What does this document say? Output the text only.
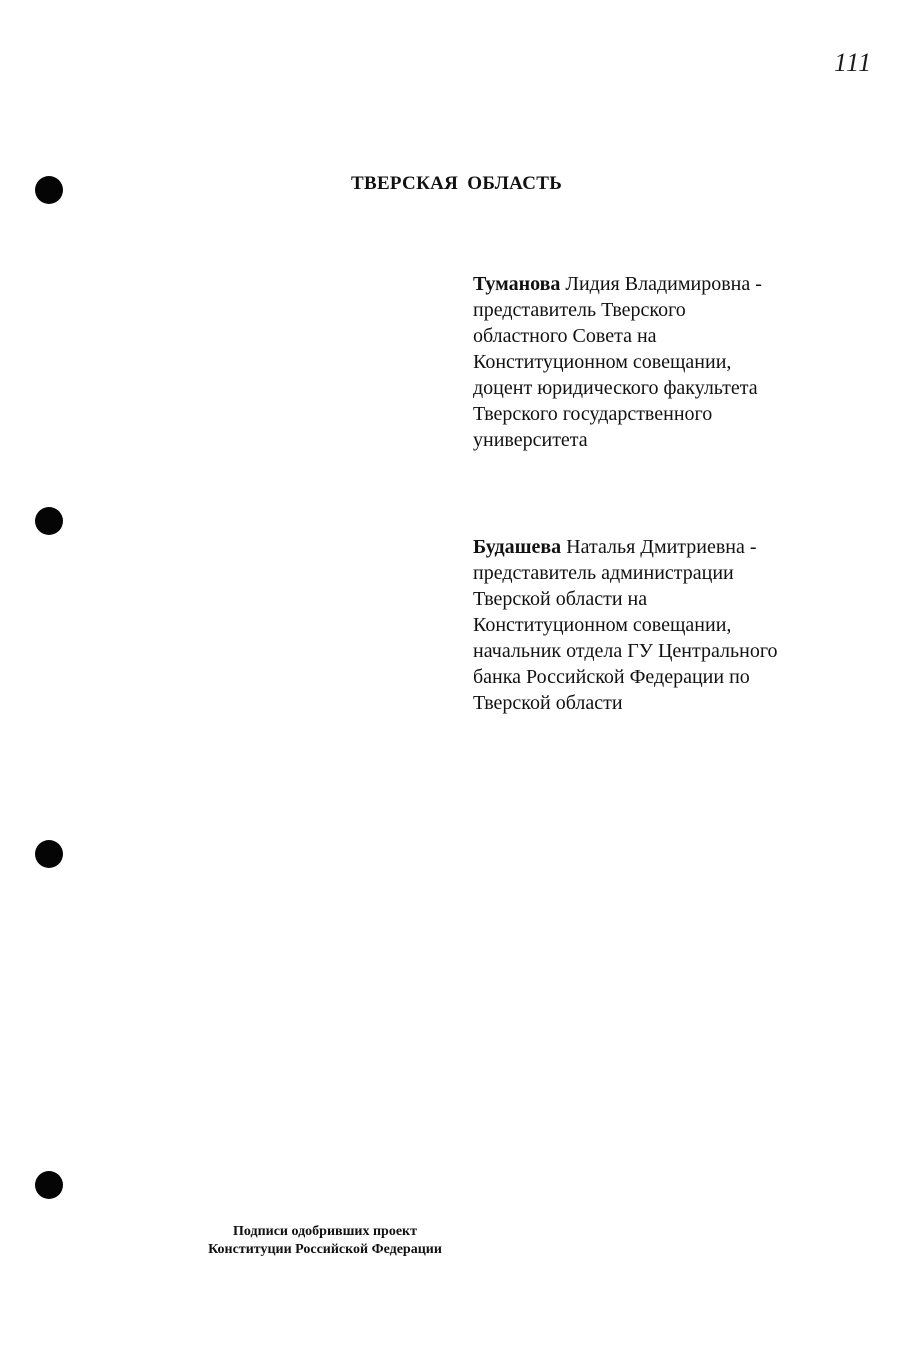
111
ТВЕРСКАЯ ОБЛАСТЬ
Туманова Лидия Владимировна -
представитель Тверского
областного Совета на
Конституционном совещании,
доцент юридического факультета
Тверского государственного
университета
Будашева Наталья Дмитриевна -
представитель администрации
Тверской области на
Конституционном совещании,
начальник отдела ГУ Центрального
банка Российской Федерации по
Тверской области
Подписи одобривших проект
Конституции Российской Федерации
